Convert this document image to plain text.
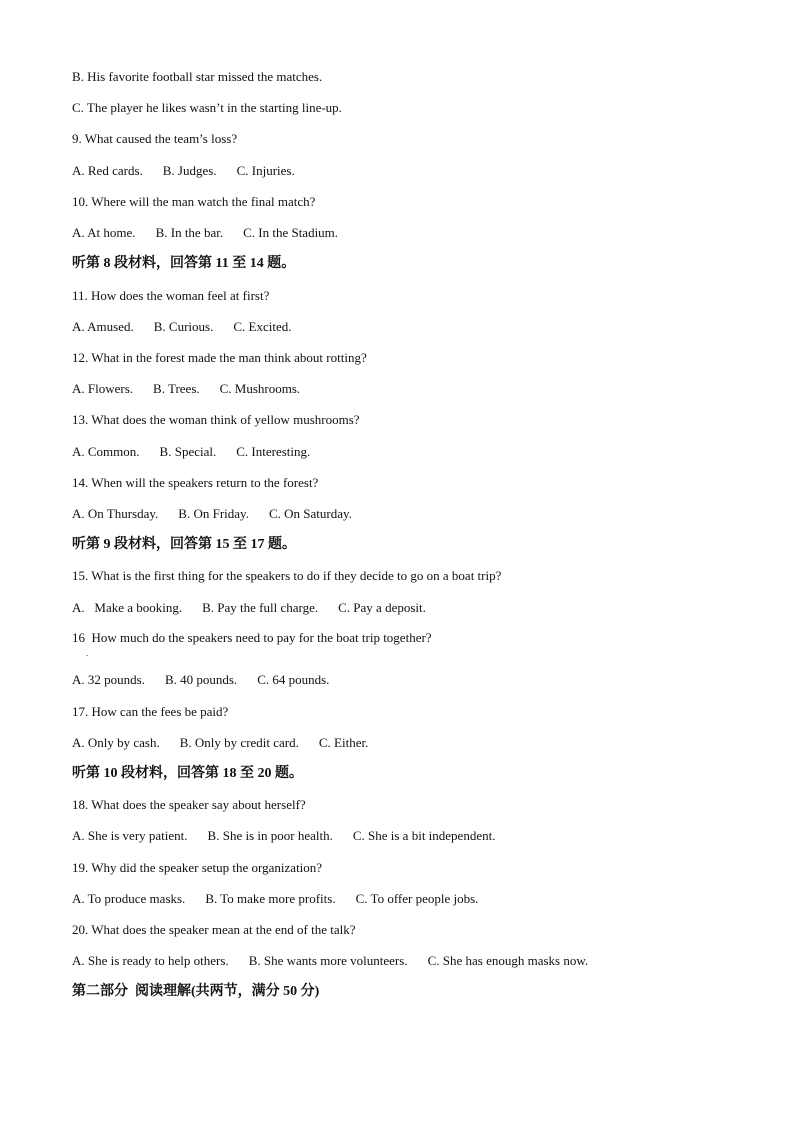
B. His favorite football star missed the matches.
C. The player he likes wasn’t in the starting line-up.
9. What caused the team’s loss?
A. Red cards. B. Judges. C. Injuries.
10. Where will the man watch the final match?
A. At home. B. In the bar. C. In the Stadium.
听第 8 段材料，回答第 11 至 14 题。
11. How does the woman feel at first?
A. Amused. B. Curious. C. Excited.
12. What in the forest made the man think about rotting?
A. Flowers. B. Trees. C. Mushrooms.
13. What does the woman think of yellow mushrooms?
A. Common. B. Special. C. Interesting.
14. When will the speakers return to the forest?
A. On Thursday. B. On Friday. C. On Saturday.
听第 9 段材料，回答第 15 至 17 题。
15. What is the first thing for the speakers to do if they decide to go on a boat trip?
A.   Make a booking. B. Pay the full charge. C. Pay a deposit.
16  How much do the speakers need to pay for the boat trip together?
.
A. 32 pounds. B. 40 pounds. C. 64 pounds.
17. How can the fees be paid?
A. Only by cash. B. Only by credit card. C. Either.
听第 10 段材料，回答第 18 至 20 题。
18. What does the speaker say about herself?
A. She is very patient. B. She is in poor health. C. She is a bit independent.
19. Why did the speaker setup the organization?
A. To produce masks. B. To make more profits. C. To offer people jobs.
20. What does the speaker mean at the end of the talk?
A. She is ready to help others. B. She wants more volunteers. C. She has enough masks now.
第二部分  阅读理解(共两节，满分 50 分)
